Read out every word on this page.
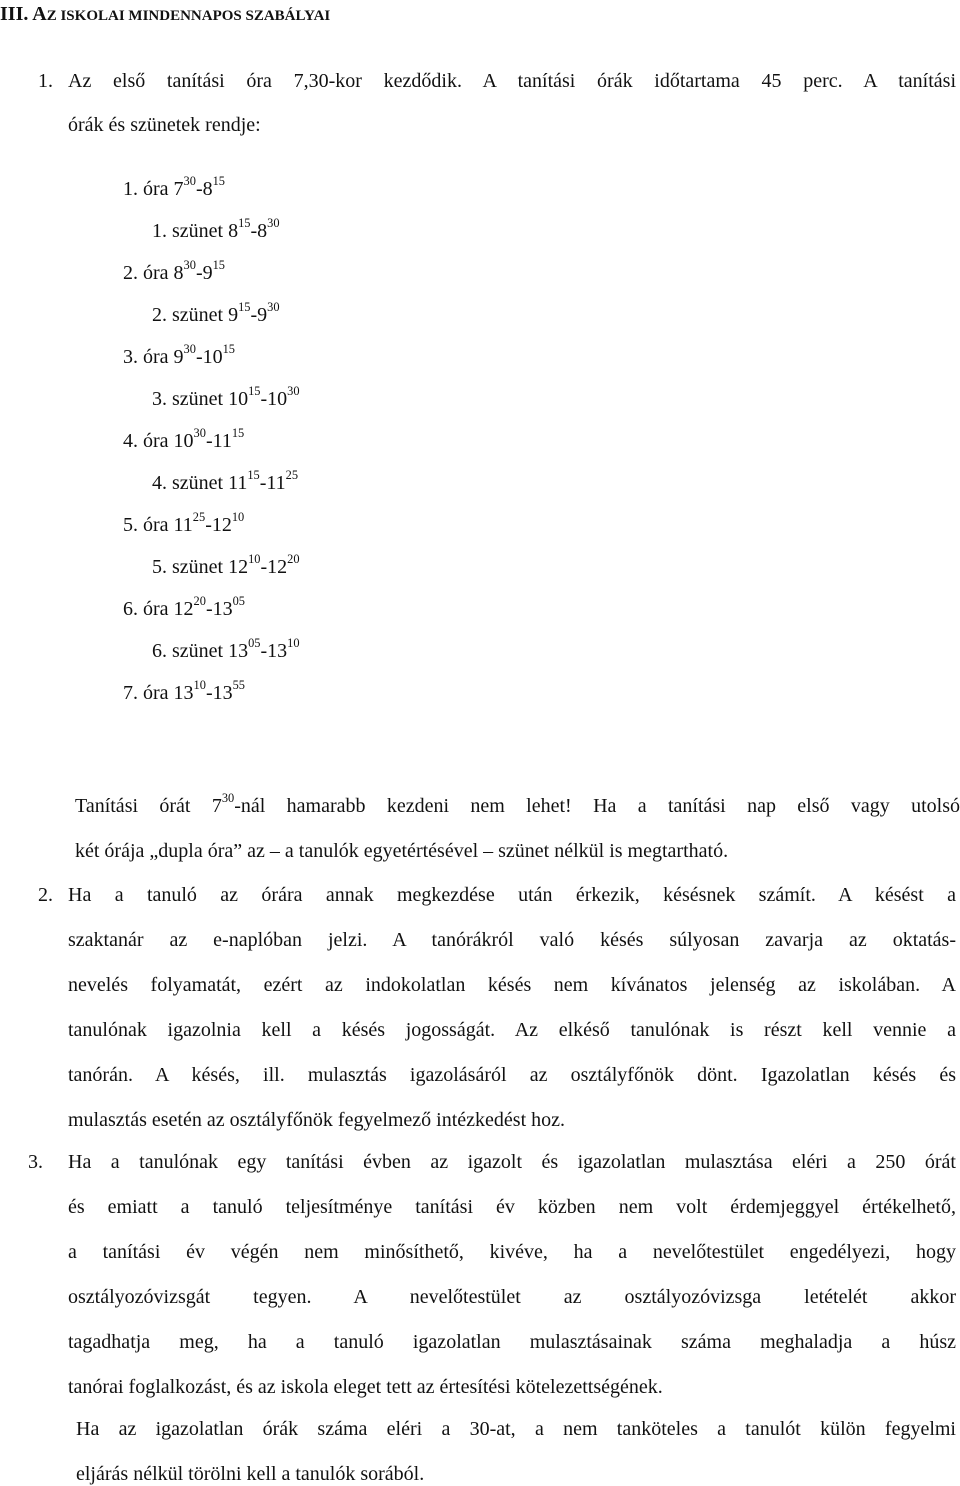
III. AZ ISKOLAI MINDENNAPOS SZABÁLYAI
1. Az első tanítási óra 7,30-kor kezdődik. A tanítási órák időtartama 45 perc. A tanítási
órák és szünetek rendje:
1. óra $7^{30}-8^{15}$
1. szünet $8^{15}-8^{30}$
2. óra $8^{30}-9^{15}$
2. szünet $9^{15}-9^{30}$
3. óra $9^{30}-10^{15}$
3. szünet $10^{15}-10^{30}$
4. óra $10^{30}-11^{15}$
4. szünet $11^{15}-11^{25}$
5. óra $11^{25}-12^{10}$
5. szünet $12^{10}-12^{20}$
6. óra $12^{20}-13^{05}$
6. szünet $13^{05}-13^{10}$
7. óra $13^{10}-13^{55}$
Tanítási órát $7^{30}$-nál hamarabb kezdeni nem lehet! Ha a tanítási nap első vagy utolsó
két órája „dupla óra” az – a tanulók egyetértésével – szünet nélkül is megtartható.
2. Ha a tanuló az órára annak megkezdése után érkezik, késésnek számít. A késést a
szaktanár az e-naplóban jelzi. A tanórákról való késés súlyosan zavarja az oktatás-
nevelés folyamatát, ezért az indokolatlan késés nem kívánatos jelenség az iskolában. A
tanulónak igazolnia kell a késés jogosságát. Az elkéső tanulónak is részt kell vennie a
tanórán. A késés, ill. mulasztás igazolásáról az osztályfőnök dönt. Igazolatlan késés és
mulasztás esetén az osztályfőnök fegyelmező intézkedést hoz.
3. Ha a tanulónak egy tanítási évben az igazolt és igazolatlan mulasztása eléri a 250 órát
és emiatt a tanuló teljesítménye tanítási év közben nem volt érdemjeggyel értékelhető,
a tanítási év végén nem minősíthető, kivéve, ha a nevelőtestület engedélyezi, hogy
osztályozóvizsgát tegyen. A nevelőtestület az osztályozóvizsga letételét akkor
tagadhatja meg, ha a tanuló igazolatlan mulasztásainak száma meghaladja a húsz
tanórai foglalkozást, és az iskola eleget tett az értesítési kötelezettségének.
Ha az igazolatlan órák száma eléri a 30-at, a nem tanköteles a tanulót külön fegyelmi
eljárás nélkül törölni kell a tanulók sorából.
